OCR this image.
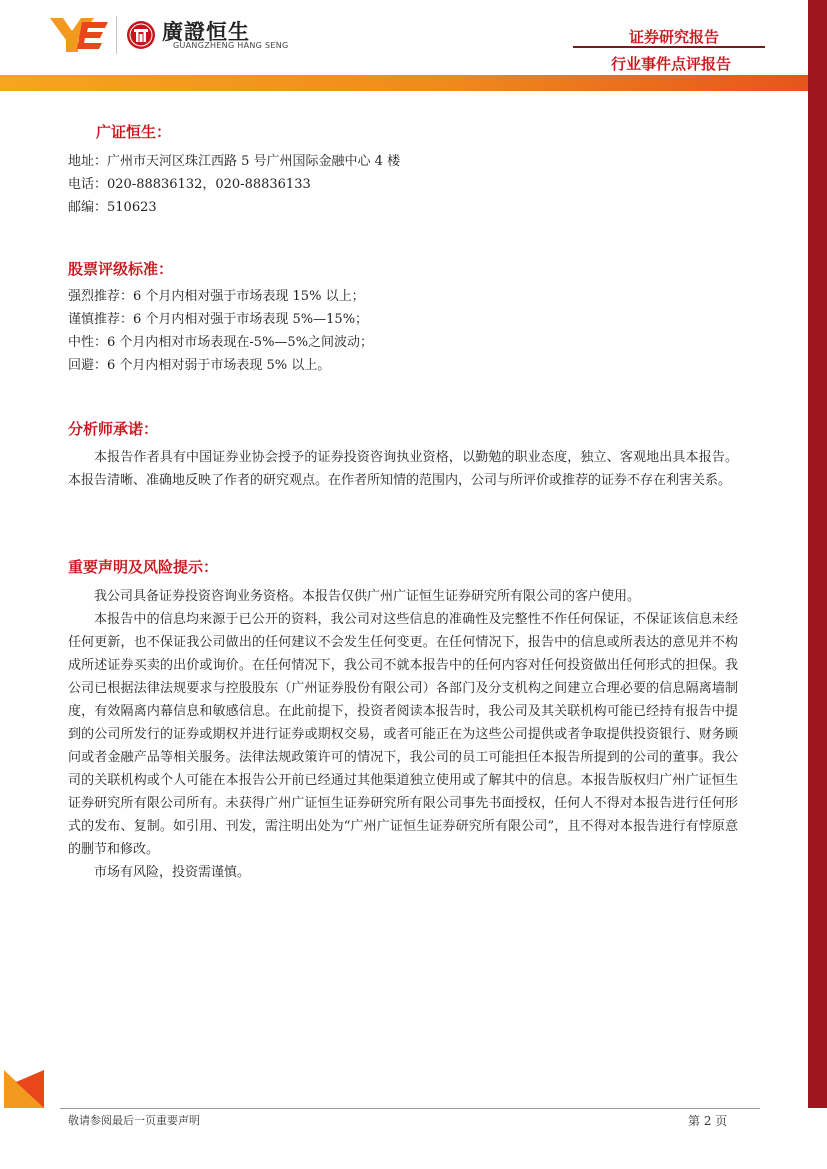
廣證恒生
GUANGZHENG HANG SENG	证券研究报告
行业事件点评报告
广证恒生：
地址：广州市天河区珠江西路 5 号广州国际金融中心 4 楼
电话：020-88836132，020-88836133
邮编：510623
股票评级标准：
强烈推荐：6 个月内相对强于市场表现 15% 以上；
谨慎推荐：6 个月内相对强于市场表现 5%—15%；
中性：6 个月内相对市场表现在-5%—5%之间波动；
回避：6 个月内相对弱于市场表现 5% 以上。
分析师承诺：

本报告作者具有中国证券业协会授予的证券投资咨询执业资格，以勤勉的职业态度，独立、客观地出具本报告。本报告清晰、准确地反映了作者的研究观点。在作者所知情的范围内，公司与所评价或推荐的证券不存在利害关系。

重要声明及风险提示：

我公司具备证券投资咨询业务资格。本报告仅供广州广证恒生证券研究所有限公司的客户使用。

本报告中的信息均来源于已公开的资料，我公司对这些信息的准确性及完整性不作任何保证，不保证该信息未经任何更新，也不保证我公司做出的任何建议不会发生任何变更。在任何情况下，报告中的信息或所表达的意见并不构成所述证券买卖的出价或询价。在任何情况下，我公司不就本报告中的任何内容对任何投资做出任何形式的担保。我公司已根据法律法规要求与控股股东（广州证券股份有限公司）各部门及分支机构之间建立合理必要的信息隔离墙制度，有效隔离内幕信息和敏感信息。在此前提下，投资者阅读本报告时，我公司及其关联机构可能已经持有报告中提到的公司所发行的证券或期权并进行证券或期权交易，或者可能正在为这些公司提供或者争取提供投资银行、财务顾问或者金融产品等相关服务。法律法规政策许可的情况下，我公司的员工可能担任本报告所提到的公司的董事。我公司的关联机构或个人可能在本报告公开前已经通过其他渠道独立使用或了解其中的信息。本报告版权归广州广证恒生证券研究所有限公司所有。未获得广州广证恒生证券研究所有限公司事先书面授权，任何人不得对本报告进行任何形式的发布、复制。如引用、刊发，需注明出处为“广州广证恒生证券研究所有限公司”，且不得对本报告进行有悖原意的删节和修改。

市场有风险，投资需谨慎。

敬请参阅最后一页重要声明	第 2 页
